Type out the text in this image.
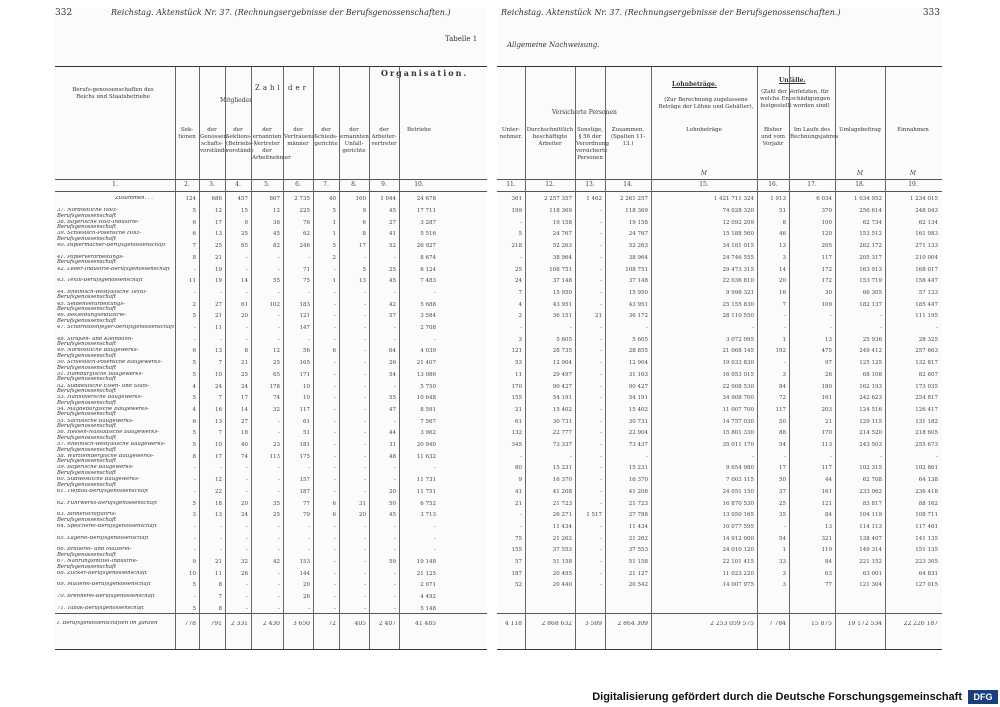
332	Reichstag. Aktenstück Nr. 37. (Rechnungsergebnisse der Berufsgenossenschaften.)
Tabelle 1
Organisation.
Zahl der
Mitglieder
Berufs-genossenschaften des Reichs und Staatsbetriebe
Sek-tionen
der Genossen-schafts-vorstände
der Sektions-(Betriebs-) vorstände
der ernannten Vertreter der Arbeitnehmer
der Vertrauens-männer
der Schieds-gerichte
der ernannten Unfall-gerichte
der Arbeiter-vertreter
Betriebe
1.	2.	3.	4.	5.	6.	7.	8.	9.	10.
Zusammen. . .	124	686	457	867	2 735	40	160	1 044	24 678
37. Nordöstliche Holz-Berufsgenossenschaft
5	12	15	12	225	5	9	45	17 711
38. Bayerische Holz-Industrie-Berufsgenossenschaft
6	17	9	36	76	1	6	27	3 287
39. Schlesisch-Posensche Holz-Berufsgenossenschaft
6	13	25	45	62	1	8	41	5 516
40. Papiermacher-Berufsgenossenschaft	7	25	65	82	246	5	17	52	26 927
41. Papierverarbeitungs-Berufsgenossenschaft
8	21	-	-	-	2	-	-	8 674
42. Leder-Industrie-Berufsgenossenschaft	-	19	-	-	71	-	5	25	6 124
43. Textil-Berufsgenossenschaft	11	19	14	55	75	1	13	45	7 483
44. Rheinisch-Westfälische Textil-Berufsgenossenschaft
-	-	-	-	-	-	-	-	-
45. Seidenverarbeitungs-Berufsgenossenschaft
2	27	61	102	183	-	-	42	5 688
46. Bekleidungsindustrie-Berufsgenossenschaft
5	21	20	-	121	-	-	57	3 584
47. Schornsteinfeger-Berufsgenossenschaft	-	11	-	-	147	-	-	-	2 708
48. Straßen- und Kleinbahn-Berufsgenossenschaft
-	-	-	-	-	-	-	-	-
49. Nordöstliche Baugewerks-Berufsgenossenschaft
6	13	8	12	56	6	-	64	4 039
50. Schlesisch-Posensche Baugewerks-Berufsgenossenschaft
5	7	21	25	165	-	-	26	21 407
51. Hamburgische Baugewerks-Berufsgenossenschaft
5	10	25	65	171	-	-	54	13 086
52. Süddeutsche Eisen- und Stahl-Berufsgenossenschaft
4	24	24	178	10	-	-	-	5 750
53. Hannoversche Baugewerks-Berufsgenossenschaft
5	7	17	74	10	-	-	55	10 648
54. Magdeburgische Baugewerks-Berufsgenossenschaft
4	16	14	32	117	-	-	47	8 591
55. Sächsische Baugewerks-Berufsgenossenschaft
6	13	27	-	61	-	-	-	7 567
56. Hessen-Nassauische Baugewerks-Berufsgenossenschaft
5	7	18	-	51	-	-	44	3 962
57. Rheinisch-Westfälische Baugewerks-Berufsgenossenschaft
5	10	40	23	181	-	-	31	20 940
58. Württembergische Baugewerks-Berufsgenossenschaft
8	17	74	113	175	-	-	48	11 632
59. Bayerische Baugewerks-Berufsgenossenschaft
-	-	-	-	-	-	-	-	-
60. Südwestliche Baugewerks-Berufsgenossenschaft
-	12	-	-	157	-	-	-	11 731
61. Tiefbau-Berufsgenossenschaft	-	22	-	-	187	-	-	20	11 751
62. Fuhrwerks-Berufsgenossenschaft	5	18	20	35	77	6	31	50	6 752
63. Binnenschiffahrts-Berufsgenossenschaft
3	13	24	25	79	6	20	45	3 713
64. Speicherei-Berufsgenossenschaft	-	-	-	-	-	-	-	-	-
65. Lagerei-Berufsgenossenschaft	-	-	-	-	-	-	-	-	-
66. Brauerei- und Mälzerei-Berufsgenossenschaft
-	-	-	-	-	-	-	-	-
67. Nahrungsmittel-Industrie-Berufsgenossenschaft
9	21	32	42	153	-	-	59	19 148
68. Zucker-Berufsgenossenschaft	10	11	26	-	144	-	-	-	21 125
69. Müllerei-Berufsgenossenschaft	5	8	-	-	20	-	-	-	2 971
70. Brennerei-Berufsgenossenschaft	-	7	-	-	26	-	-	-	4 492
71. Tabak-Berufsgenossenschaft	5	8	-	-	-	-	-	-	5 148
I. Berufsgenossenschaften im ganzen	778	791	2 331	2 430	3 650	72	405	2 407	41 485
Reichstag. Aktenstück Nr. 37. (Rechnungsergebnisse der Berufsgenossenschaften.)	333
Allgemeine Nachweisung.
Versicherte Personen
Lohnbeträge.
(Zur Berechnung zugelassene Beträge der Löhne und Gehälter),
Unfälle.
(Zahl der Verletzten, für welche Entschädigungen festgestellt worden sind)
Unter-nehmer.
Durchschnittlich beschäftigte Arbeiter
Sonstige, § 56 der Verordnung versicherte Personen
Zusammen. (Spalten 11-13.)
Lohnbeträge	Bisher und vom Vorjahr
Im Laufe des Rechnungsjahres
Umlagebeitrag	Einnahmen
11.	12.	13.	14.	15.	16.	17.	18.	19.
M	M	M
361	2 257 357	1 462	2 261 257	1 421 711 324	1 913	6 034	1 034 952	1 234 015
199	118 369	-	118 369	74 028 320	51	370	256 614	248 043
-	19 158	-	19 158	12 092 209	8	100	62 734	62 134
5	24 767	-	24 767	15 188 560	46	120	153 512	161 083
218	52 263	-	52 263	34 181 015	13	205	262 172	271 133
-	38 964	-	38 964	24 746 555	3	117	205 317	210 004
25	108 751	-	108 751	29 473 315	14	172	163 913	168 017
24	37 148	-	37 148	22 036 810	20	172	153 719	158 447
7	15 950	-	15 950	9 998 321	16	30	66 305	57 133
4	43 951	-	43 951	25 155 830	7	109	182 137	185 447
2	36 151	21	36 172	28 110 550	-	-	-	111 195
-	-	-	-	-	-	-	-	-
3	5 605	-	5 605	3 072 095	1	13	25 936	28 325
121	28 735	-	28 855	21 068 145	192	475	249 412	257 663
53	12 904	-	12 904	19 033 830	-	97	125 125	132 817
11	29 497	-	31 163	16 053 015	3	26	68 108	82 607
170	90 427	-	90 427	22 008 530	84	180	162 193	173 035
155	54 191	-	54 191	34 908 700	72	161	242 623	254 817
21	15 402	-	15 402	11 007 700	117	203	124 516	126 417
61	30 731	-	30 731	14 757 030	50	21	129 115	131 182
132	22 777	-	22 904	15 801 330	88	170	214 520	218 605
345	73 337	-	73 437	35 011 170	54	113	243 503	255 673
-	-	-	-	-	-	-	-	-
80	15 231	-	15 231	9 654 980	17	117	102 315	102 861
9	16 370	-	16 370	7 003 115	50	44	62 708	64 138
41	41 208	-	41 208	24 051 150	37	161	233 062	236 418
21	21 723	-	21 723	16 870 530	25	121	83 817	88 162
-	26 271	1 517	27 788	13 050 165	35	84	104 119	108 711
-	11 434	-	11 434	10 077 595	-	13	114 113	117 461
75	21 262	-	21 262	14 912 000	54	321	138 407	141 135
155	37 553	-	37 553	24 010 120	1	119	149 314	151 135
57	51 158	-	51 158	22 101 415	33	84	221 152	223 305
187	20 495	-	21 127	11 023 220	3	63	63 001	64 831
52	20 440	-	20 542	14 007 975	3	77	121 304	127 015
4 118	2 868 632	3 589	2 864 309	2 253 059 575	7 784	15 875	19 172 534	22 226 187
Digitalisierung gefördert durch die Deutsche Forschungsgemeinschaft	DFG
